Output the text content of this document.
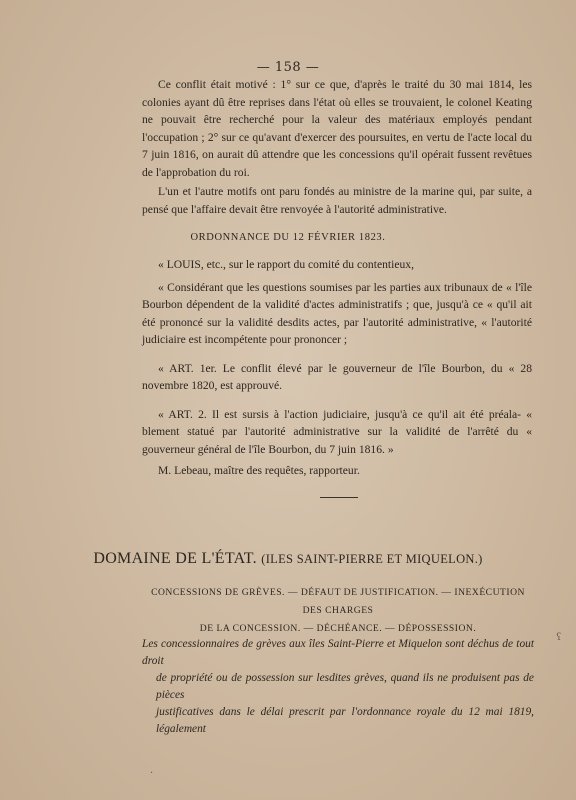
— 158 —

Ce conflit était motivé : 1° sur ce que, d'après le traité du 30 mai 1814, les colonies ayant dû être reprises dans l'état où elles se trouvaient, le colonel Keating ne pouvait être recherché pour la valeur des matériaux employés pendant l'occupation ; 2° sur ce qu'avant d'exercer des poursuites, en vertu de l'acte local du 7 juin 1816, on aurait dû attendre que les concessions qu'il opérait fussent revêtues de l'approbation du roi.

L'un et l'autre motifs ont paru fondés au ministre de la marine qui, par suite, a pensé que l'affaire devait être renvoyée à l'autorité administrative.

ORDONNANCE DU 12 FÉVRIER 1823.

« LOUIS, etc., sur le rapport du comité du contentieux,

« Considérant que les questions soumises par les parties aux tribunaux de « l'île Bourbon dépendent de la validité d'actes administratifs ; que, jusqu'à ce « qu'il ait été prononcé sur la validité desdits actes, par l'autorité administrative, « l'autorité judiciaire est incompétente pour prononcer ;

« ART. 1er. Le conflit élevé par le gouverneur de l'île Bourbon, du « 28 novembre 1820, est approuvé.

« ART. 2. Il est sursis à l'action judiciaire, jusqu'à ce qu'il ait été préala- « blement statué par l'autorité administrative sur la validité de l'arrêté du « gouverneur général de l'île Bourbon, du 7 juin 1816. »

M. Lebeau, maître des requêtes, rapporteur.

DOMAINE DE L'ÉTAT. (ILES SAINT-PIERRE ET MIQUELON.)
CONCESSIONS DE GRÈVES. — DÉFAUT DE JUSTIFICATION. — INEXÉCUTION DES CHARGES
DE LA CONCESSION. — DÉCHÉANCE. — DÉPOSSESSION.
Les concessionnaires de grèves aux îles Saint-Pierre et Miquelon sont déchus de tout droit
de propriété ou de possession sur lesdites grèves, quand ils ne produisent pas de pièces
justificatives dans le délai prescrit par l'ordonnance royale du 12 mai 1819, légalement
ʕ
·
